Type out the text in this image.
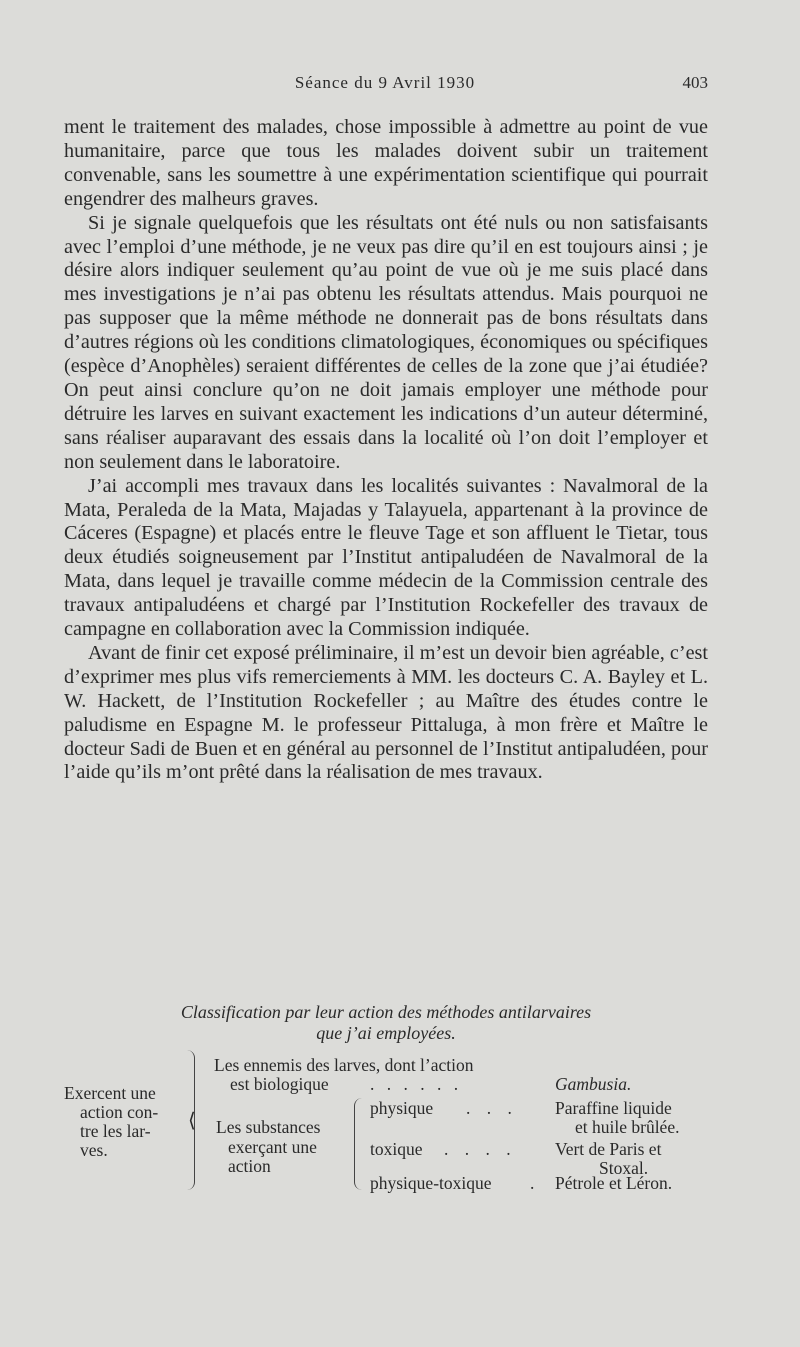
Séance du 9 Avril 1930	403

ment le traitement des malades, chose impossible à admettre au point de vue humanitaire, parce que tous les malades doivent subir un traitement convenable, sans les soumettre à une expérimentation scientifique qui pourrait engendrer des malheurs graves.

Si je signale quelquefois que les résultats ont été nuls ou non satisfaisants avec l’emploi d’une méthode, je ne veux pas dire qu’il en est toujours ainsi ; je désire alors indiquer seulement qu’au point de vue où je me suis placé dans mes investigations je n’ai pas obtenu les résultats attendus. Mais pourquoi ne pas supposer que la même méthode ne donnerait pas de bons résultats dans d’autres régions où les conditions climatologiques, économiques ou spécifiques (espèce d’Anophèles) seraient différentes de celles de la zone que j’ai étudiée? On peut ainsi conclure qu’on ne doit jamais employer une méthode pour détruire les larves en suivant exactement les indications d’un auteur déterminé, sans réaliser auparavant des essais dans la localité où l’on doit l’employer et non seulement dans le laboratoire.

J’ai accompli mes travaux dans les localités suivantes : Navalmoral de la Mata, Peraleda de la Mata, Majadas y Talayuela, appartenant à la province de Cáceres (Espagne) et placés entre le fleuve Tage et son affluent le Tietar, tous deux étudiés soigneusement par l’Institut antipaludéen de Navalmoral de la Mata, dans lequel je travaille comme médecin de la Commission centrale des travaux antipaludéens et chargé par l’Institution Rockefeller des travaux de campagne en collaboration avec la Commission indiquée.

Avant de finir cet exposé préliminaire, il m’est un devoir bien agréable, c’est d’exprimer mes plus vifs remerciements à MM. les docteurs C. A. Bayley et L. W. Hackett, de l’Institution Rockefeller ; au Maître des études contre le paludisme en Espagne M. le professeur Pittaluga, à mon frère et Maître le docteur Sadi de Buen et en général au personnel de l’Institut antipaludéen, pour l’aide qu’ils m’ont prêté dans la réalisation de mes travaux.

Classification par leur action des méthodes antilarvaires
que j’ai employées.
Exercent une
action con-
tre les lar-
ves.
⟨
Les ennemis des larves, dont l’action
est biologique . . . . . .	Gambusia.
Les substances
exerçant une
action
physique . . . Paraffine liquide
et huile brûlée.
toxique . . . . Vert de Paris et
Stoxal.
physique-toxique . Pétrole et Léron.
